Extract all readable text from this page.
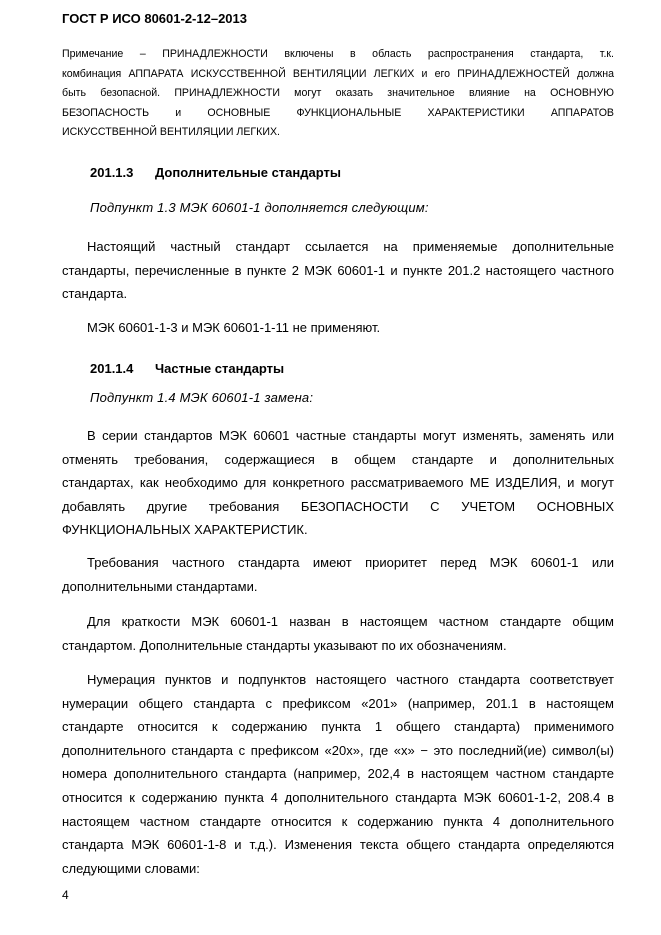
ГОСТ Р ИСО 80601-2-12–2013

Примечание – ПРИНАДЛЕЖНОСТИ включены в область распространения стандарта, т.к.

комбинация АППАРАТА ИСКУССТВЕННОЙ ВЕНТИЛЯЦИИ ЛЕГКИХ и его ПРИНАДЛЕЖНОСТЕЙ должна

быть безопасной. ПРИНАДЛЕЖНОСТИ могут оказать значительное влияние на ОСНОВНУЮ

БЕЗОПАСНОСТЬ и ОСНОВНЫЕ ФУНКЦИОНАЛЬНЫЕ ХАРАКТЕРИСТИКИ АППАРАТОВ

ИСКУССТВЕННОЙ ВЕНТИЛЯЦИИ ЛЕГКИХ.

201.1.3 Дополнительные стандарты

Подпункт 1.3 МЭК 60601-1 дополняется следующим:

Настоящий частный стандарт ссылается на применяемые дополнительные

стандарты, перечисленные в пункте 2 МЭК 60601-1 и пункте 201.2 настоящего частного

стандарта.

МЭК 60601-1-3 и МЭК 60601-1-11 не применяют.

201.1.4 Частные стандарты

Подпункт 1.4 МЭК 60601-1 замена:

В серии стандартов МЭК 60601 частные стандарты могут изменять, заменять или

отменять требования, содержащиеся в общем стандарте и дополнительных

стандартах, как необходимо для конкретного рассматриваемого МЕ ИЗДЕЛИЯ, и могут

добавлять другие требования БЕЗОПАСНОСТИ С УЧЕТОМ ОСНОВНЫХ

ФУНКЦИОНАЛЬНЫХ ХАРАКТЕРИСТИК.

Требования частного стандарта имеют приоритет перед МЭК 60601-1 или

дополнительными стандартами.

Для краткости МЭК 60601-1 назван в настоящем частном стандарте общим

стандартом. Дополнительные стандарты указывают по их обозначениям.

Нумерация пунктов и подпунктов настоящего частного стандарта соответствует

нумерации общего стандарта с префиксом «201» (например, 201.1 в настоящем

стандарте относится к содержанию пункта 1 общего стандарта) применимого

дополнительного стандарта с префиксом «20x», где «x» − это последний(ие) символ(ы)

номера дополнительного стандарта (например, 202,4 в настоящем частном стандарте

относится к содержанию пункта 4 дополнительного стандарта МЭК 60601-1-2, 208.4 в

настоящем частном стандарте относится к содержанию пункта 4 дополнительного

стандарта МЭК 60601-1-8 и т.д.). Изменения текста общего стандарта определяются

следующими словами:

4
